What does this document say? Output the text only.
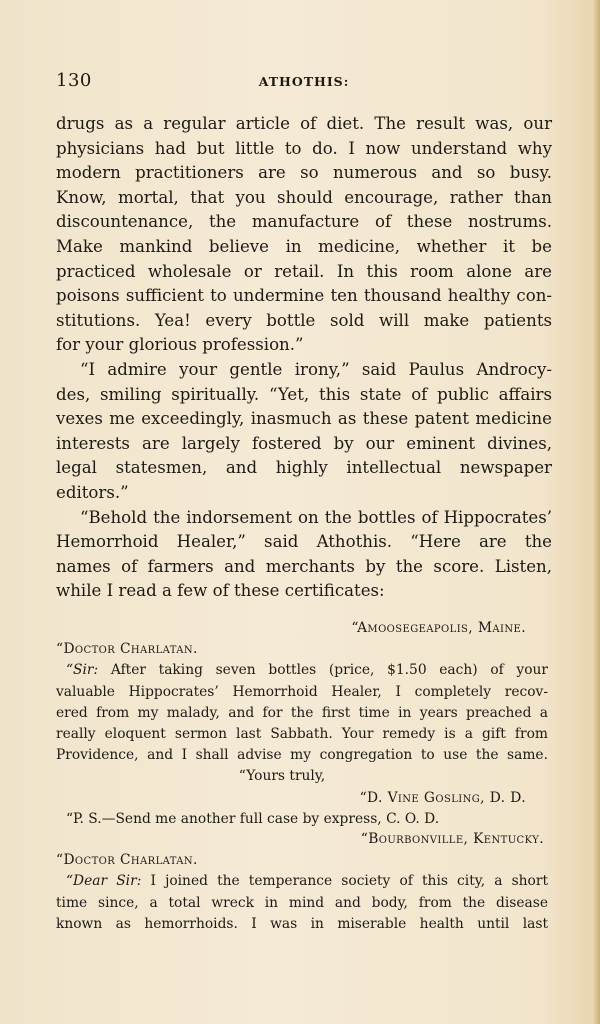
130	ATHOTHIS:
drugs as a regular article of diet. The result was, our
physicians had but little to do. I now understand why
modern practitioners are so numerous and so busy.
Know, mortal, that you should encourage, rather than
discountenance, the manufacture of these nostrums.
Make mankind believe in medicine, whether it be
practiced wholesale or retail. In this room alone are
poisons sufficient to undermine ten thousand healthy con-
stitutions. Yea! every bottle sold will make patients
for your glorious profession.”
“I admire your gentle irony,” said Paulus Androcy-
des, smiling spiritually. “Yet, this state of public affairs
vexes me exceedingly, inasmuch as these patent medicine
interests are largely fostered by our eminent divines,
legal statesmen, and highly intellectual newspaper
editors.”
“Behold the indorsement on the bottles of Hippocrates’
Hemorrhoid Healer,” said Athothis. “Here are the
names of farmers and merchants by the score. Listen,
while I read a few of these certificates:
“Amoosegeapolis, Maine.
“Doctor Charlatan.
“Sir: After taking seven bottles (price, $1.50 each) of your
valuable Hippocrates’ Hemorrhoid Healer, I completely recov-
ered from my malady, and for the first time in years preached a
really eloquent sermon last Sabbath. Your remedy is a gift from
Providence, and I shall advise my congregation to use the same.
“Yours truly,
“D. Vine Gosling, D. D.
“P. S.—Send me another full case by express, C. O. D.
“Bourbonville, Kentucky.
“Doctor Charlatan.
“Dear Sir: I joined the temperance society of this city, a short
time since, a total wreck in mind and body, from the disease
known as hemorrhoids. I was in miserable health until last
